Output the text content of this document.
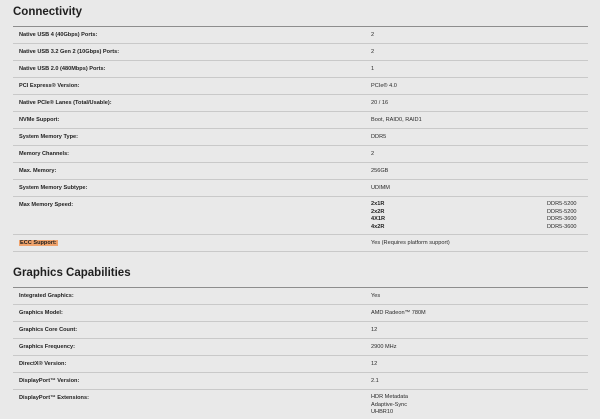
Connectivity
Native USB 4 (40Gbps) Ports:	2
Native USB 3.2 Gen 2 (10Gbps) Ports:	2
Native USB 2.0 (480Mbps) Ports:	1
PCI Express® Version:	PCIe® 4.0
Native PCIe® Lanes (Total/Usable):	20 / 16
NVMe Support:	Boot, RAID0, RAID1
System Memory Type:	DDR5
Memory Channels:	2
Max. Memory:	256GB
System Memory Subtype:	UDIMM
Max Memory Speed:	2x1R	DDR5-5200
2x2R	DDR5-5200
4X1R	DDR5-3600
4x2R	DDR5-3600
ECC Support:	Yes (Requires platform support)
Graphics Capabilities
Integrated Graphics:	Yes
Graphics Model:	AMD Radeon™ 780M
Graphics Core Count:	12
Graphics Frequency:	2900 MHz
DirectX® Version:	12
DisplayPort™ Version:	2.1
DisplayPort™ Extensions:	HDR Metadata
Adaptive-Sync
UHBR10
